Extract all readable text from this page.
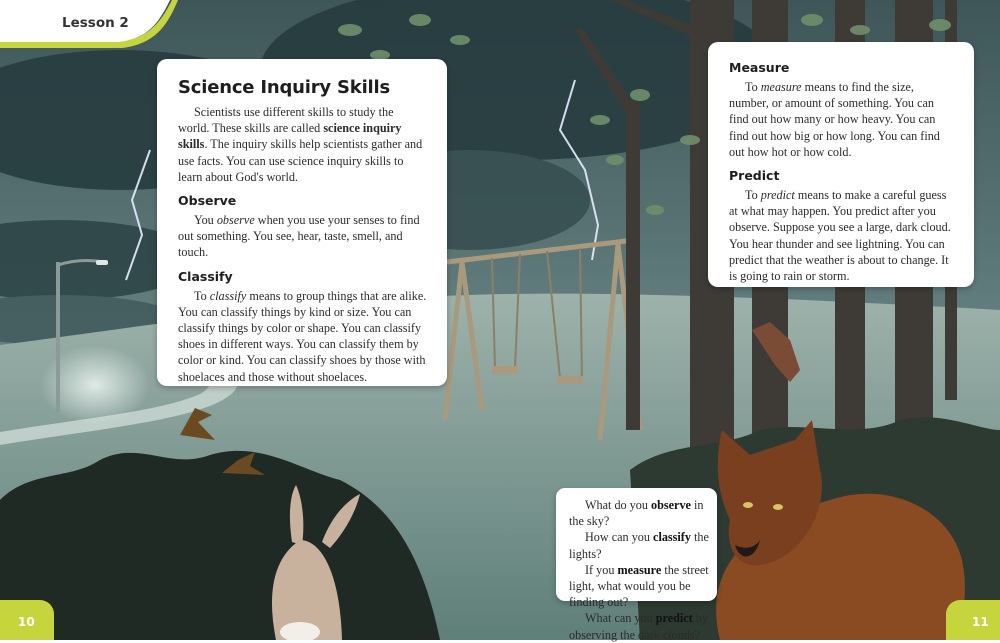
Lesson 2
Science Inquiry Skills

Scientists use different skills to study the world. These skills are called science inquiry skills. The inquiry skills help scientists gather and use facts. You can use science inquiry skills to learn about God's world.

Observe

You observe when you use your senses to find out something. You see, hear, taste, smell, and touch.

Classify

To classify means to group things that are alike. You can classify things by kind or size. You can classify things by color or shape. You can classify shoes in different ways. You can classify them by color or kind. You can classify shoes by those with shoelaces and those without shoelaces.

Measure

To measure means to find the size, number, or amount of something. You can find out how many or how heavy. You can find out how big or how long. You can find out how hot or how cold.

Predict

To predict means to make a careful guess at what may happen. You predict after you observe. Suppose you see a large, dark cloud. You hear thunder and see lightning. You can predict that the weather is about to change. It is going to rain or storm.

What do you observe in the sky?

How can you classify the lights?

If you measure the street light, what would you be finding out?

What can you predict by observing the dark clouds?

10	11
